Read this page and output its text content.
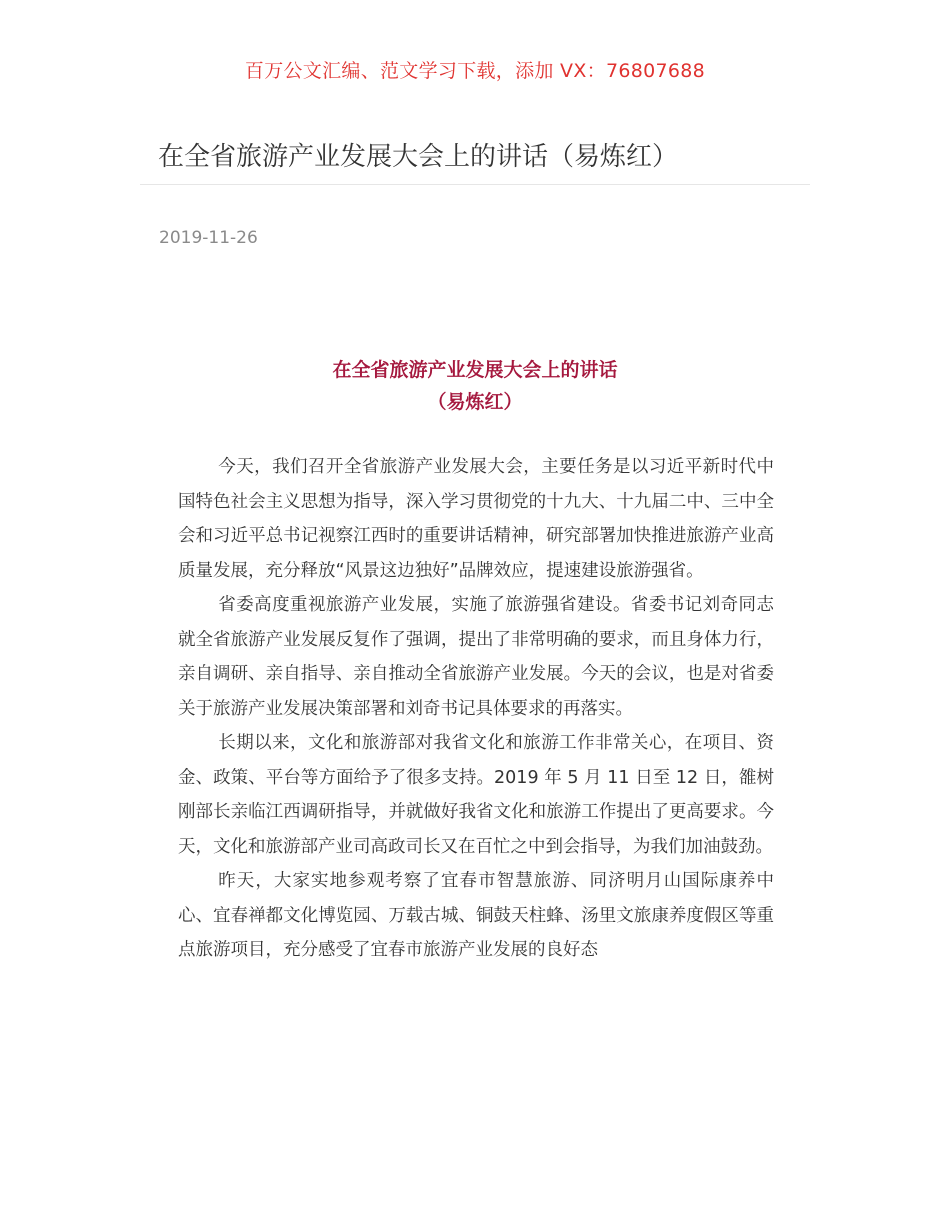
百万公文汇编、范文学习下载，添加 VX：76807688
在全省旅游产业发展大会上的讲话（易炼红）
2019-11-26
在全省旅游产业发展大会上的讲话
（易炼红）

今天，我们召开全省旅游产业发展大会，主要任务是以习近平新时代中国特色社会主义思想为指导，深入学习贯彻党的十九大、十九届二中、三中全会和习近平总书记视察江西时的重要讲话精神，研究部署加快推进旅游产业高质量发展，充分释放“风景这边独好”品牌效应，提速建设旅游强省。

省委高度重视旅游产业发展，实施了旅游强省建设。省委书记刘奇同志就全省旅游产业发展反复作了强调，提出了非常明确的要求，而且身体力行，亲自调研、亲自指导、亲自推动全省旅游产业发展。今天的会议，也是对省委关于旅游产业发展决策部署和刘奇书记具体要求的再落实。

长期以来，文化和旅游部对我省文化和旅游工作非常关心，在项目、资金、政策、平台等方面给予了很多支持。2019 年 5 月 11 日至 12 日，雒树刚部长亲临江西调研指导，并就做好我省文化和旅游工作提出了更高要求。今天，文化和旅游部产业司高政司长又在百忙之中到会指导，为我们加油鼓劲。

昨天，大家实地参观考察了宜春市智慧旅游、同济明月山国际康养中心、宜春禅都文化博览园、万载古城、铜鼓天柱蜂、汤里文旅康养度假区等重点旅游项目，充分感受了宜春市旅游产业发展的良好态
